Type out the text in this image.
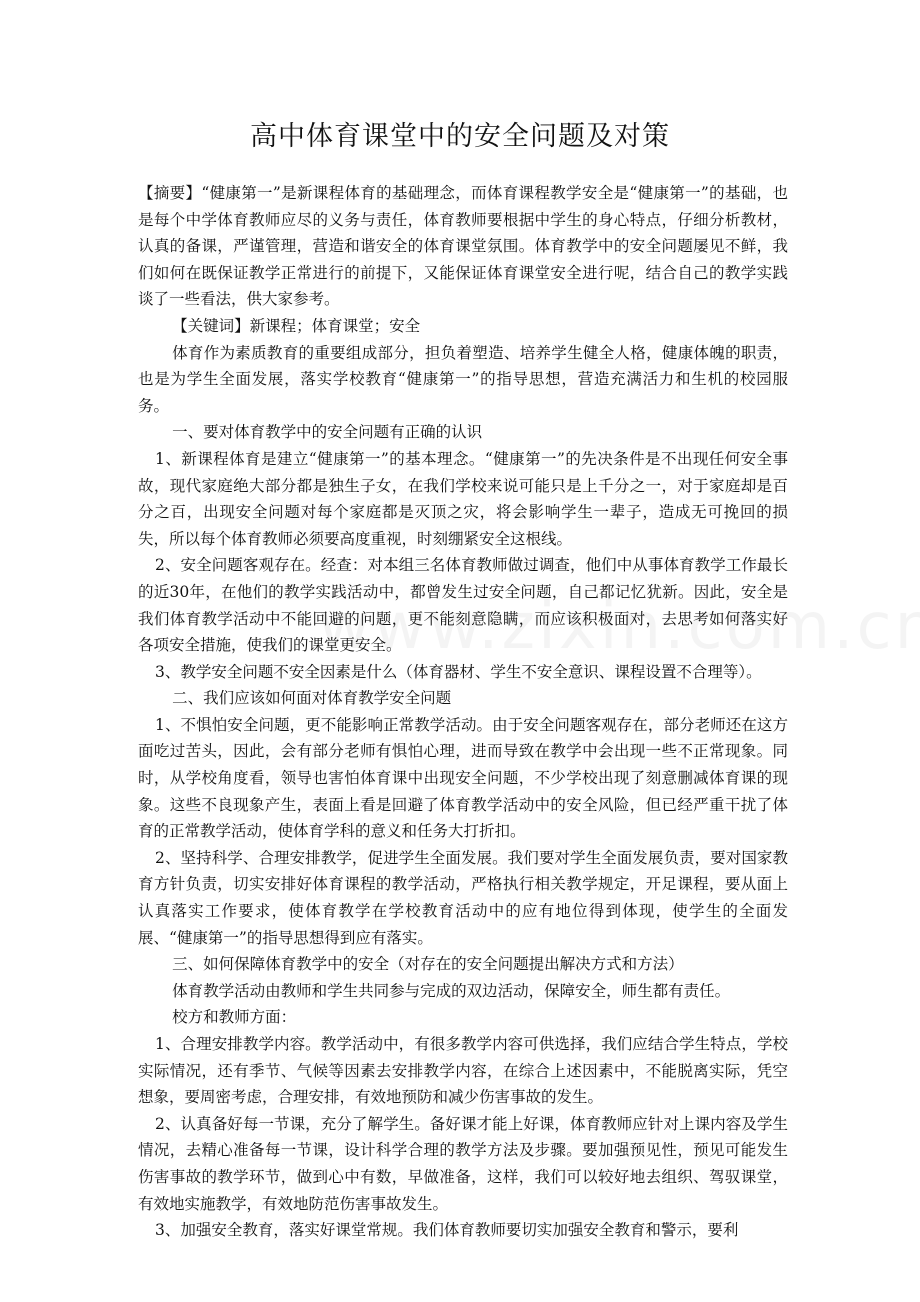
高中体育课堂中的安全问题及对策

【摘要】“健康第一”是新课程体育的基础理念，而体育课程教学安全是“健康第一”的基础，也是每个中学体育教师应尽的义务与责任，体育教师要根据中学生的身心特点，仔细分析教材，认真的备课，严谨管理，营造和谐安全的体育课堂氛围。体育教学中的安全问题屡见不鲜，我们如何在既保证教学正常进行的前提下，又能保证体育课堂安全进行呢，结合自己的教学实践谈了一些看法，供大家参考。

【关键词】新课程；体育课堂；安全

体育作为素质教育的重要组成部分，担负着塑造、培养学生健全人格，健康体魄的职责，也是为学生全面发展，落实学校教育“健康第一”的指导思想，营造充满活力和生机的校园服务。

一、要对体育教学中的安全问题有正确的认识

1、新课程体育是建立“健康第一”的基本理念。“健康第一”的先决条件是不出现任何安全事故，现代家庭绝大部分都是独生子女，在我们学校来说可能只是上千分之一，对于家庭却是百分之百，出现安全问题对每个家庭都是灭顶之灾，将会影响学生一辈子，造成无可挽回的损失，所以每个体育教师必须要高度重视，时刻绷紧安全这根线。

2、安全问题客观存在。经查：对本组三名体育教师做过调查，他们中从事体育教学工作最长的近30年，在他们的教学实践活动中，都曾发生过安全问题，自己都记忆犹新。因此，安全是我们体育教学活动中不能回避的问题，更不能刻意隐瞒，而应该积极面对，去思考如何落实好各项安全措施，使我们的课堂更安全。

3、教学安全问题不安全因素是什么（体育器材、学生不安全意识、课程设置不合理等）。

二、我们应该如何面对体育教学安全问题

1、不惧怕安全问题，更不能影响正常教学活动。由于安全问题客观存在，部分老师还在这方面吃过苦头，因此，会有部分老师有惧怕心理，进而导致在教学中会出现一些不正常现象。同时，从学校角度看，领导也害怕体育课中出现安全问题，不少学校出现了刻意删减体育课的现象。这些不良现象产生，表面上看是回避了体育教学活动中的安全风险，但已经严重干扰了体育的正常教学活动，使体育学科的意义和任务大打折扣。

2、坚持科学、合理安排教学，促进学生全面发展。我们要对学生全面发展负责，要对国家教育方针负责，切实安排好体育课程的教学活动，严格执行相关教学规定，开足课程，要从面上认真落实工作要求，使体育教学在学校教育活动中的应有地位得到体现，使学生的全面发展、“健康第一”的指导思想得到应有落实。

三、如何保障体育教学中的安全（对存在的安全问题提出解决方式和方法）

体育教学活动由教师和学生共同参与完成的双边活动，保障安全，师生都有责任。

校方和教师方面：

1、合理安排教学内容。教学活动中，有很多教学内容可供选择，我们应结合学生特点，学校实际情况，还有季节、气候等因素去安排教学内容，在综合上述因素中，不能脱离实际，凭空想象，要周密考虑，合理安排，有效地预防和减少伤害事故的发生。

2、认真备好每一节课，充分了解学生。备好课才能上好课，体育教师应针对上课内容及学生情况，去精心准备每一节课，设计科学合理的教学方法及步骤。要加强预见性，预见可能发生伤害事故的教学环节，做到心中有数，早做准备，这样，我们可以较好地去组织、驾驭课堂，有效地实施教学，有效地防范伤害事故发生。

3、加强安全教育，落实好课堂常规。我们体育教师要切实加强安全教育和警示，要利
